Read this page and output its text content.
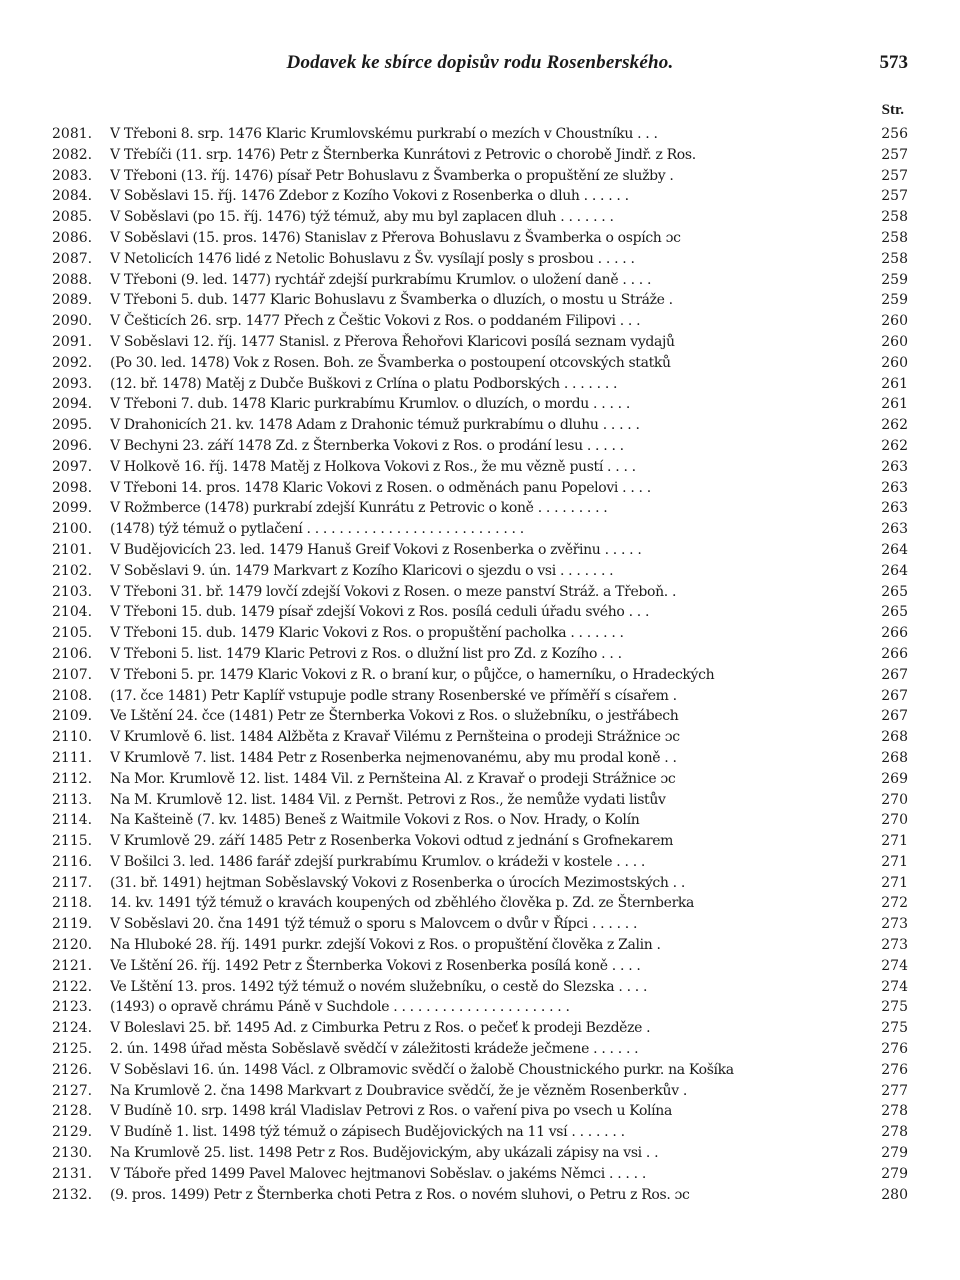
Dodavek ke sbírce dopisův rodu Rosenberského.	573
Str.
2081.	V Třeboni 8. srp. 1476 Klaric Krumlovskému purkrabí o mezích v Choustníku . . .	256
2082.	V Třebíči (11. srp. 1476) Petr z Šternberka Kunrátovi z Petrovic o chorobě Jindř. z Ros.	257
2083.	V Třeboni (13. říj. 1476) písař Petr Bohuslavu z Švamberka o propuštění ze služby .	257
2084.	V Soběslavi 15. říj. 1476 Zdebor z Kozího Vokovi z Rosenberka o dluh . . . . . .	257
2085.	V Soběslavi (po 15. říj. 1476) týž témuž, aby mu byl zaplacen dluh . . . . . . .	258
2086.	V Soběslavi (15. pros. 1476) Stanislav z Přerova Bohuslavu z Švamberka o ospích ɔc	258
2087.	V Netolicích 1476 lidé z Netolic Bohuslavu z Šv. vysílají posly s prosbou . . . . .	258
2088.	V Třeboni (9. led. 1477) rychtář zdejší purkrabímu Krumlov. o uložení daně . . . .	259
2089.	V Třeboni 5. dub. 1477 Klaric Bohuslavu z Švamberka o dluzích, o mostu u Stráže .	259
2090.	V Češticích 26. srp. 1477 Přech z Češtic Vokovi z Ros. o poddaném Filipovi . . .	260
2091.	V Soběslavi 12. říj. 1477 Stanisl. z Přerova Řehořovi Klaricovi posílá seznam vydajů	260
2092.	(Po 30. led. 1478) Vok z Rosen. Boh. ze Švamberka o postoupení otcovských statků	260
2093.	(12. bř. 1478) Matěj z Dubče Buškovi z Crlína o platu Podborských . . . . . . .	261
2094.	V Třeboni 7. dub. 1478 Klaric purkrabímu Krumlov. o dluzích, o mordu . . . . .	261
2095.	V Drahonicích 21. kv. 1478 Adam z Drahonic témuž purkrabímu o dluhu . . . . .	262
2096.	V Bechyni 23. září 1478 Zd. z Šternberka Vokovi z Ros. o prodání lesu . . . . .	262
2097.	V Holkově 16. říj. 1478 Matěj z Holkova Vokovi z Ros., že mu vězně pustí . . . .	263
2098.	V Třeboni 14. pros. 1478 Klaric Vokovi z Rosen. o odměnách panu Popelovi . . . .	263
2099.	V Rožmberce (1478) purkrabí zdejší Kunrátu z Petrovic o koně . . . . . . . . .	263
2100.	(1478) týž témuž o pytlačení . . . . . . . . . . . . . . . . . . . . . . . . . . .	263
2101.	V Budějovicích 23. led. 1479 Hanuš Greif Vokovi z Rosenberka o zvěřinu . . . . .	264
2102.	V Soběslavi 9. ún. 1479 Markvart z Kozího Klaricovi o sjezdu o vsi . . . . . . .	264
2103.	V Třeboni 31. bř. 1479 lovčí zdejší Vokovi z Rosen. o meze panství Stráž. a Třeboň. .	265
2104.	V Třeboni 15. dub. 1479 písař zdejší Vokovi z Ros. posílá ceduli úřadu svého . . .	265
2105.	V Třeboni 15. dub. 1479 Klaric Vokovi z Ros. o propuštění pacholka . . . . . . .	266
2106.	V Třeboni 5. list. 1479 Klaric Petrovi z Ros. o dlužní list pro Zd. z Kozího . . .	266
2107.	V Třeboni 5. pr. 1479 Klaric Vokovi z R. o braní kur, o půjčce, o hamerníku, o Hradeckých	267
2108.	(17. čce 1481) Petr Kaplíř vstupuje podle strany Rosenberské ve příměří s císařem .	267
2109.	Ve Lštění 24. čce (1481) Petr ze Šternberka Vokovi z Ros. o služebníku, o jestřábech	267
2110.	V Krumlově 6. list. 1484 Alžběta z Kravař Vilému z Pernšteina o prodeji Strážnice ɔc	268
2111.	V Krumlově 7. list. 1484 Petr z Rosenberka nejmenovanému, aby mu prodal koně . .	268
2112.	Na Mor. Krumlově 12. list. 1484 Vil. z Pernšteina Al. z Kravař o prodeji Strážnice ɔc	269
2113.	Na M. Krumlově 12. list. 1484 Vil. z Pernšt. Petrovi z Ros., že nemůže vydati listův	270
2114.	Na Kašteině (7. kv. 1485) Beneš z Waitmile Vokovi z Ros. o Nov. Hrady, o Kolín	270
2115.	V Krumlově 29. září 1485 Petr z Rosenberka Vokovi odtud z jednání s Grofnekarem	271
2116.	V Bošilci 3. led. 1486 farář zdejší purkrabímu Krumlov. o krádeži v kostele . . . .	271
2117.	(31. bř. 1491) hejtman Soběslavský Vokovi z Rosenberka o úrocích Mezimostských . .	271
2118.	14. kv. 1491 týž témuž o kravách koupených od zběhlého člověka p. Zd. ze Šternberka	272
2119.	V Soběslavi 20. čna 1491 týž témuž o sporu s Malovcem o dvůr v Řípci . . . . . .	273
2120.	Na Hluboké 28. říj. 1491 purkr. zdejší Vokovi z Ros. o propuštění člověka z Zalin .	273
2121.	Ve Lštění 26. říj. 1492 Petr z Šternberka Vokovi z Rosenberka posílá koně . . . .	274
2122.	Ve Lštění 13. pros. 1492 týž témuž o novém služebníku, o cestě do Slezska . . . .	274
2123.	(1493) o opravě chrámu Páně v Suchdole . . . . . . . . . . . . . . . . . . . . . .	275
2124.	V Boleslavi 25. bř. 1495 Ad. z Cimburka Petru z Ros. o pečeť k prodeji Bezděze .	275
2125.	2. ún. 1498 úřad města Soběslavě svědčí v záležitosti krádeže ječmene . . . . . .	276
2126.	V Soběslavi 16. ún. 1498 Václ. z Olbramovic svědčí o žalobě Choustnického purkr. na Košíka	276
2127.	Na Krumlově 2. čna 1498 Markvart z Doubravice svědčí, že je vězněm Rosenberkův .	277
2128.	V Budíně 10. srp. 1498 král Vladislav Petrovi z Ros. o vaření piva po vsech u Kolína	278
2129.	V Budíně 1. list. 1498 týž témuž o zápisech Budějovických na 11 vsí . . . . . . .	278
2130.	Na Krumlově 25. list. 1498 Petr z Ros. Budějovickým, aby ukázali zápisy na vsi . .	279
2131.	V Táboře před 1499 Pavel Malovec hejtmanovi Soběslav. o jakéms Němci . . . . .	279
2132.	(9. pros. 1499) Petr z Šternberka choti Petra z Ros. o novém sluhovi, o Petru z Ros. ɔc	280
